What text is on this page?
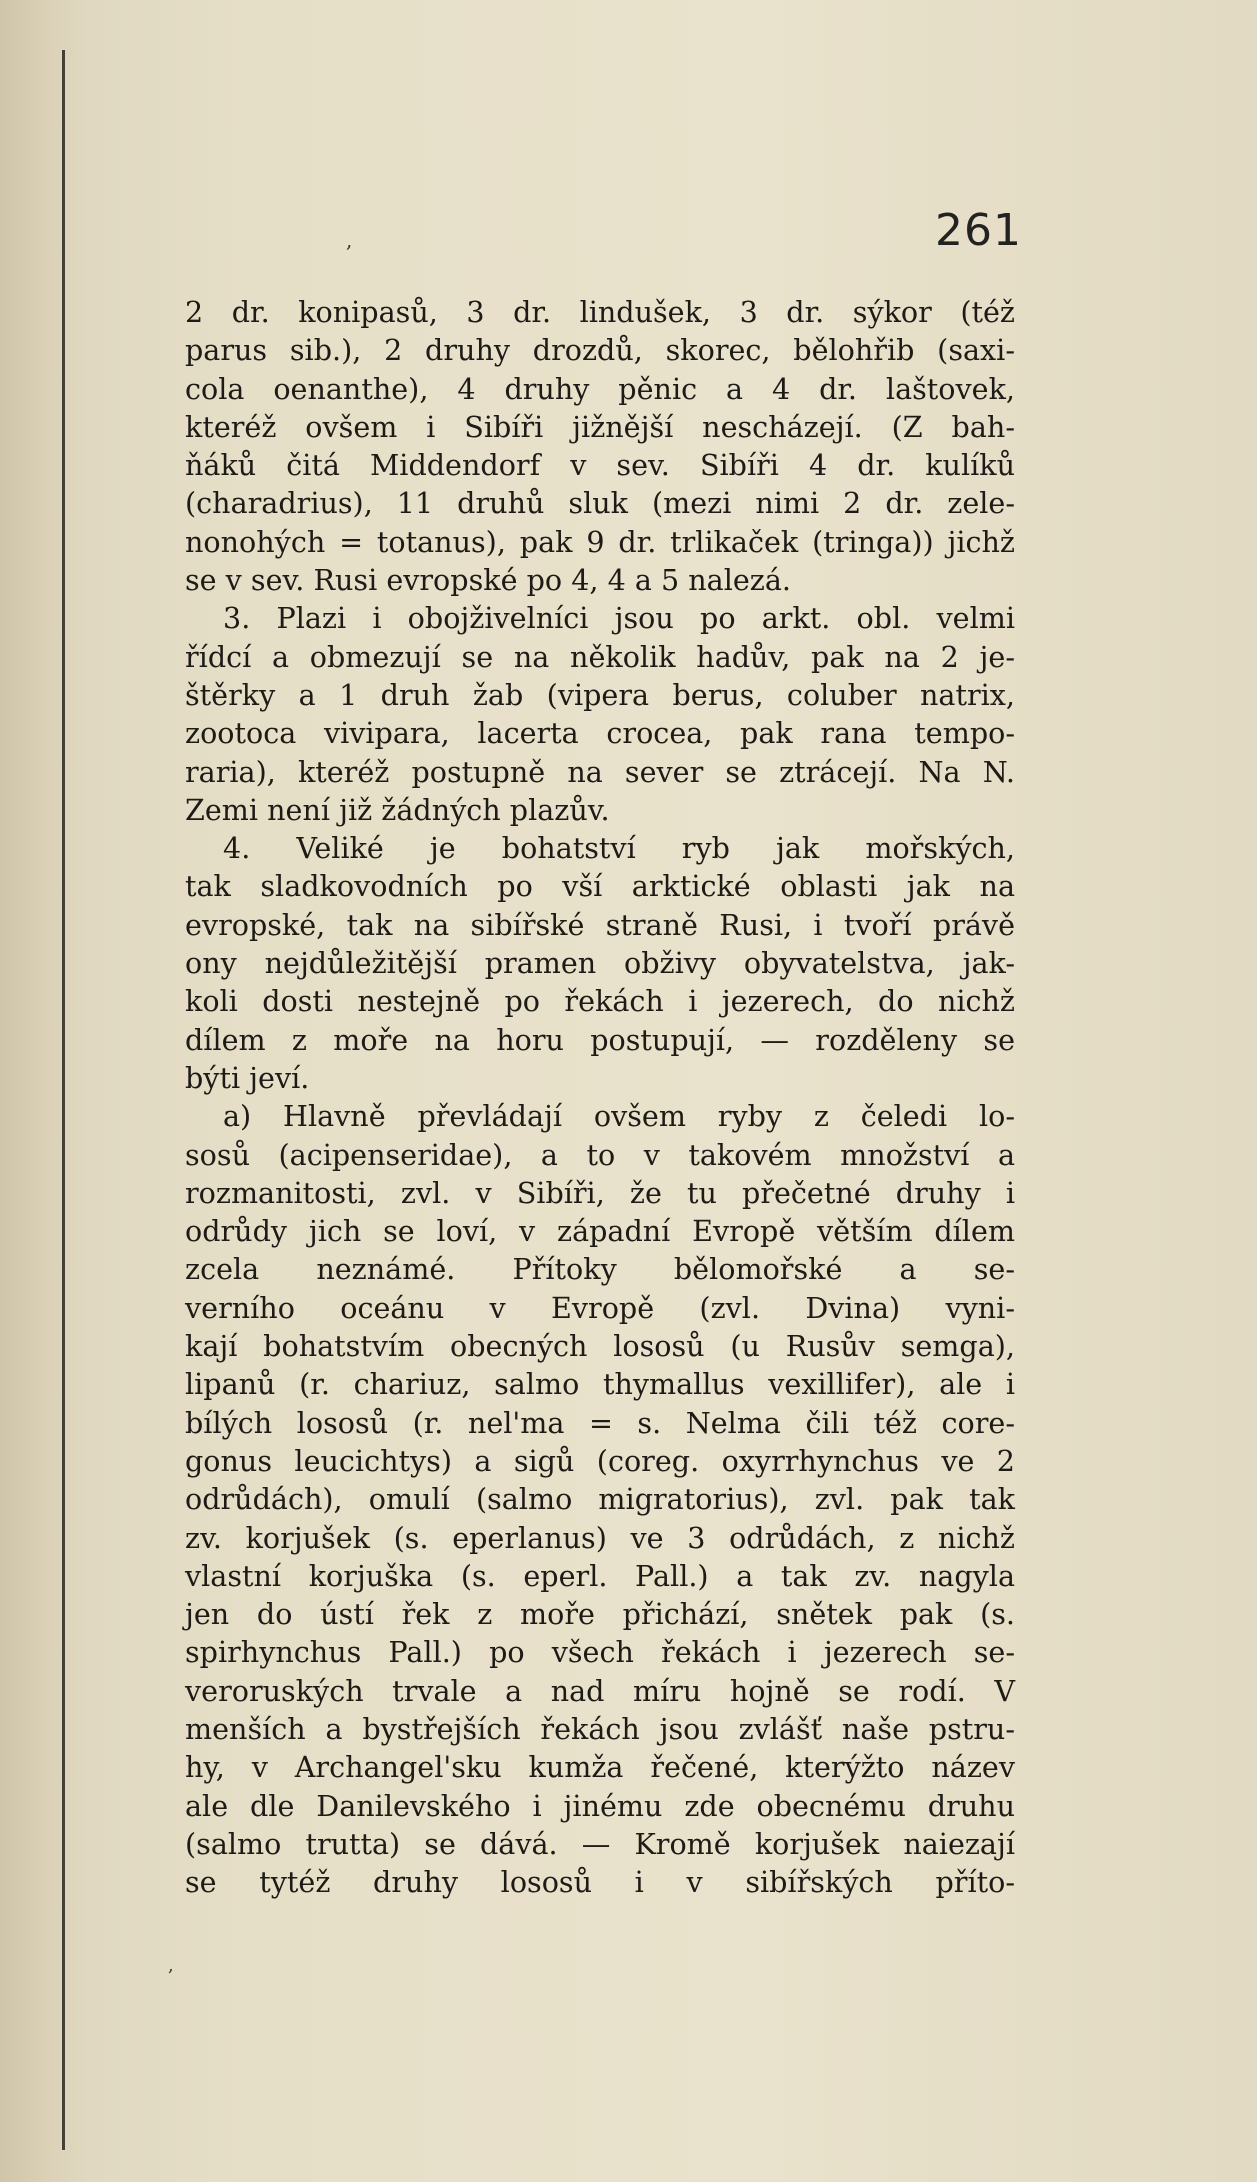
,	261
2 dr. konipasů, 3 dr. lindušek, 3 dr. sýkor (též
parus sib.), 2 druhy drozdů, skorec, bělohřib (saxi-
cola oenanthe), 4 druhy pěnic a 4 dr. laštovek,
kteréž ovšem i Sibíři jižnější nescházejí. (Z bah-
ňáků čitá Middendorf v sev. Sibíři 4 dr. kulíků
(charadrius), 11 druhů sluk (mezi nimi 2 dr. zele-
nonohých = totanus), pak 9 dr. trlikaček (tringa)) jichž
se v sev. Rusi evropské po 4, 4 a 5 nalezá.
3. Plazi i obojživelníci jsou po arkt. obl. velmi
řídcí a obmezují se na několik hadův, pak na 2 je-
štěrky a 1 druh žab (vipera berus, coluber natrix,
zootoca vivipara, lacerta crocea, pak rana tempo-
raria), kteréž postupně na sever se ztrácejí. Na N.
Zemi není již žádných plazův.
4. Veliké je bohatství ryb jak mořských,
tak sladkovodních po vší arktické oblasti jak na
evropské, tak na sibířské straně Rusi, i tvoří právě
ony nejdůležitější pramen obživy obyvatelstva, jak-
koli dosti nestejně po řekách i jezerech, do nichž
dílem z moře na horu postupují, — rozděleny se
býti jeví.
a) Hlavně převládají ovšem ryby z čeledi lo-
sosů (acipenseridae), a to v takovém množství a
rozmanitosti, zvl. v Sibíři, že tu přečetné druhy i
odrůdy jich se loví, v západní Evropě větším dílem
zcela neznámé. Přítoky bělomořské a se-
verního oceánu v Evropě (zvl. Dvina) vyni-
kají bohatstvím obecných lososů (u Rusův semga),
lipanů (r. chariuz, salmo thymallus vexillifer), ale i
bílých lososů (r. nel'ma = s. Nelma čili též core-
gonus leucichtys) a sigů (coreg. oxyrrhynchus ve 2
odrůdách), omulí (salmo migratorius), zvl. pak tak
zv. korjušek (s. eperlanus) ve 3 odrůdách, z nichž
vlastní korjuška (s. eperl. Pall.) a tak zv. nagyla
jen do ústí řek z moře přichází, snětek pak (s.
spirhynchus Pall.) po všech řekách i jezerech se-
veroruských trvale a nad míru hojně se rodí. V
menších a bystřejších řekách jsou zvlášť naše pstru-
hy, v Archangel'sku kumža řečené, kterýžto název
ale dle Danilevského i jinému zde obecnému druhu
(salmo trutta) se dává. — Kromě korjušek naiezají
se tytéž druhy lososů i v sibířských příto-
,
